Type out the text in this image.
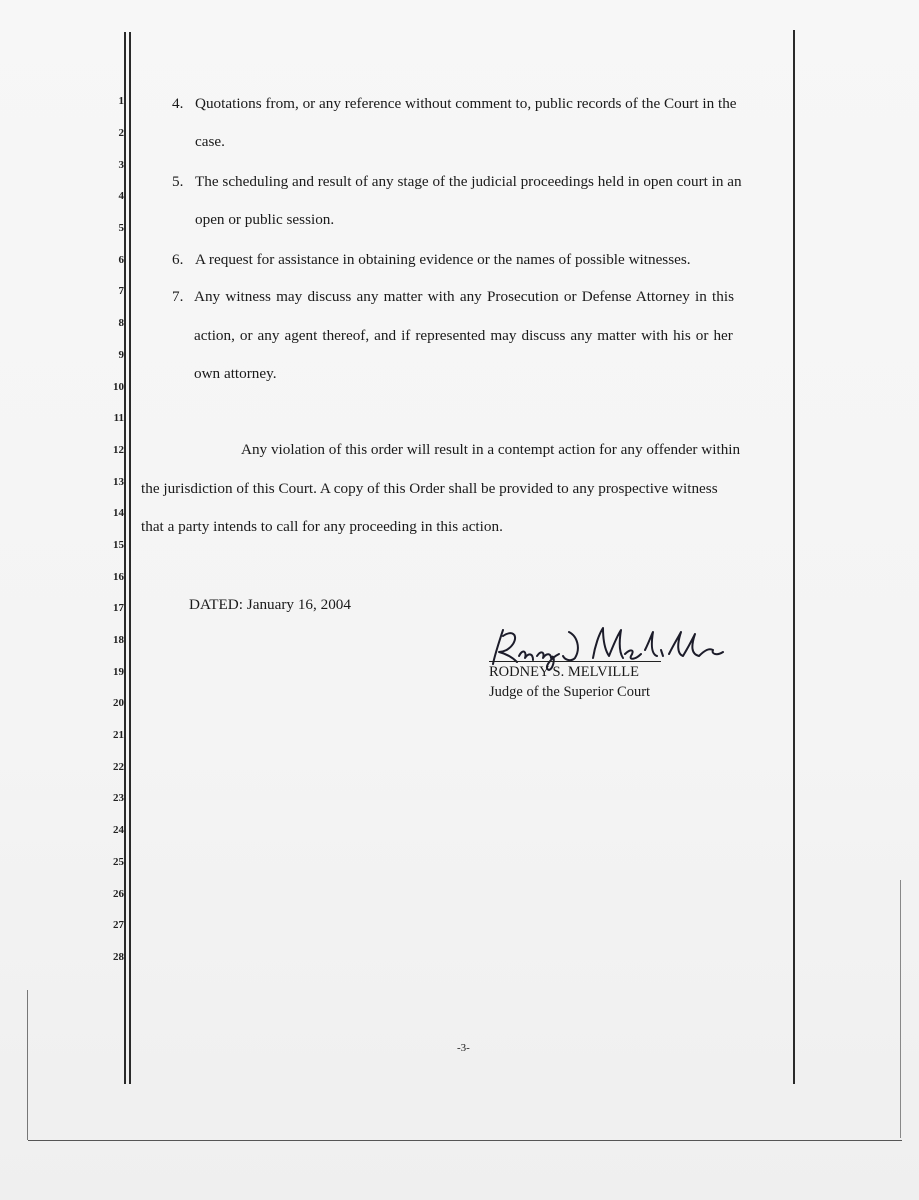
1
2
3
4
5
6
7
8
9
10
11
12
13
14
15
16
17
18
19
20
21
22
23
24
25
26
27
28
4. Quotations from, or any reference without comment to, public records of the Court in the
case.
5. The scheduling and result of any stage of the judicial proceedings held in open court in an
open or public session.
6. A request for assistance in obtaining evidence or the names of possible witnesses.
7. Any witness may discuss any matter with any Prosecution or Defense Attorney in this
action, or any agent thereof, and if represented may discuss any matter with his or her
own attorney.
Any violation of this order will result in a contempt action for any offender within
the jurisdiction of this Court. A copy of this Order shall be provided to any prospective witness
that a party intends to call for any proceeding in this action.
DATED: January 16, 2004
RODNEY S. MELVILLE
Judge of the Superior Court
-3-
